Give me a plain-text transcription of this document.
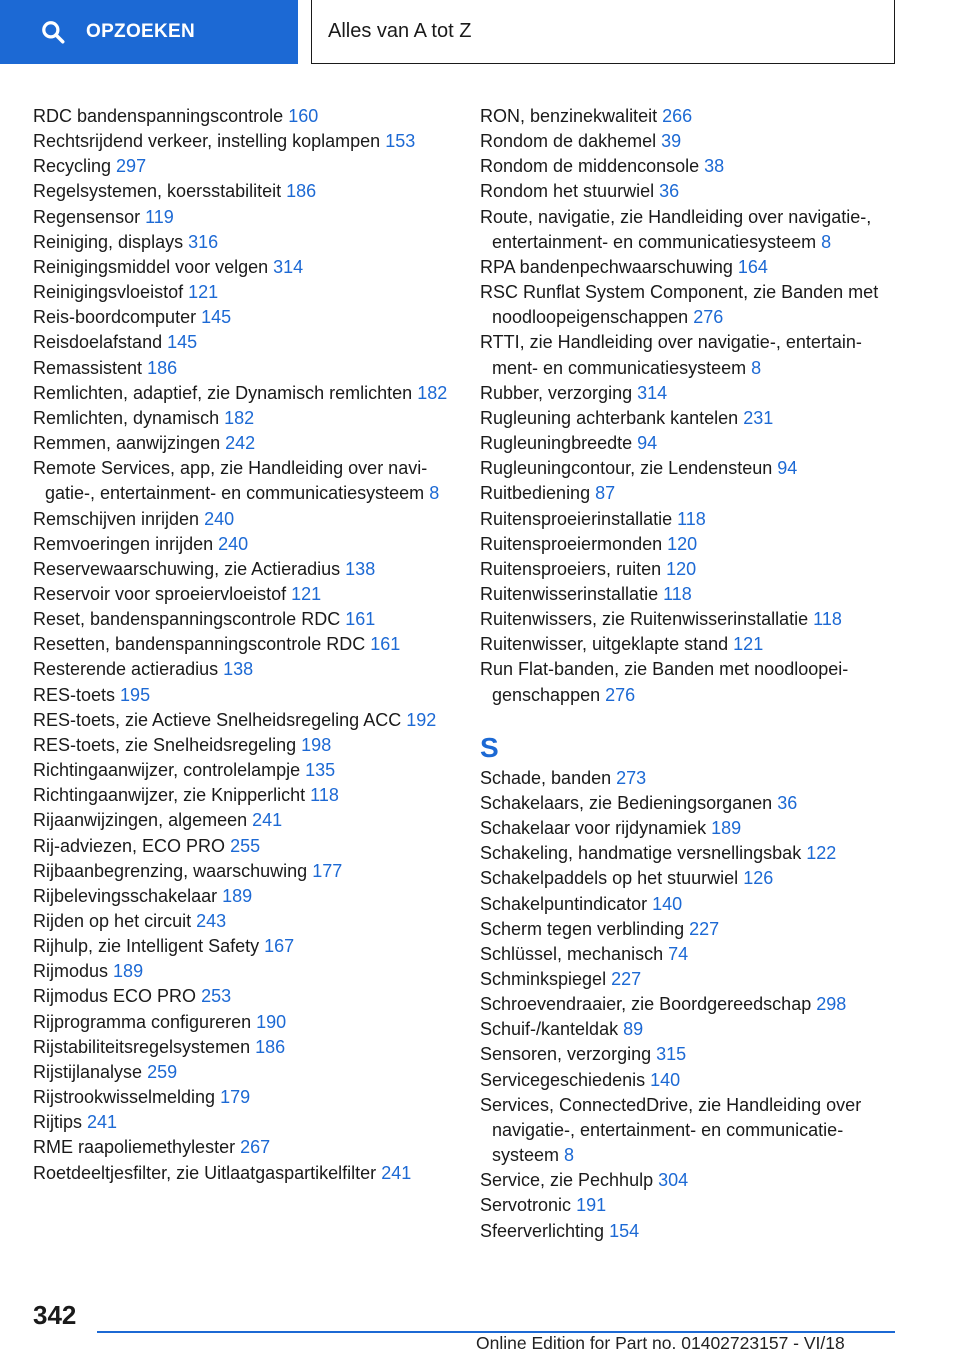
OPZOEKEN	Alles van A tot Z
RDC bandenspanningscontrole 160
Rechtsrijdend verkeer, instelling koplampen 153
Recycling 297
Regelsystemen, koersstabiliteit 186
Regensensor 119
Reiniging, displays 316
Reinigingsmiddel voor velgen 314
Reinigingsvloeistof 121
Reis-boordcomputer 145
Reisdoelafstand 145
Remassistent 186
Remlichten, adaptief, zie Dynamisch remlichten 182
Remlichten, dynamisch 182
Remmen, aanwijzingen 242
Remote Services, app, zie Handleiding over navigatie-, entertainment- en communicatiesysteem 8
Remschijven inrijden 240
Remvoeringen inrijden 240
Reservewaarschuwing, zie Actieradius 138
Reservoir voor sproeiervloeistof 121
Reset, bandenspanningscontrole RDC 161
Resetten, bandenspanningscontrole RDC 161
Resterende actieradius 138
RES-toets 195
RES-toets, zie Actieve Snelheidsregeling ACC 192
RES-toets, zie Snelheidsregeling 198
Richtingaanwijzer, controlelampje 135
Richtingaanwijzer, zie Knipperlicht 118
Rijaanwijzingen, algemeen 241
Rij-adviezen, ECO PRO 255
Rijbaanbegrenzing, waarschuwing 177
Rijbelevingsschakelaar 189
Rijden op het circuit 243
Rijhulp, zie Intelligent Safety 167
Rijmodus 189
Rijmodus ECO PRO 253
Rijprogramma configureren 190
Rijstabiliteitsregelsystemen 186
Rijstijlanalyse 259
Rijstrookwisselmelding 179
Rijtips 241
RME raapoliemethylester 267
Roetdeeltjesfilter, zie Uitlaatgaspartikelfilter 241
RON, benzinekwaliteit 266
Rondom de dakhemel 39
Rondom de middenconsole 38
Rondom het stuurwiel 36
Route, navigatie, zie Handleiding over navigatie-, entertainment- en communicatiesysteem 8
RPA bandenpechwaarschuwing 164
RSC Runflat System Component, zie Banden met noodloopeigenschappen 276
RTTI, zie Handleiding over navigatie-, entertainment- en communicatiesysteem 8
Rubber, verzorging 314
Rugleuning achterbank kantelen 231
Rugleuningbreedte 94
Rugleuningcontour, zie Lendensteun 94
Ruitbediening 87
Ruitensproeierinstallatie 118
Ruitensproeiermonden 120
Ruitensproeiers, ruiten 120
Ruitenwisserinstallatie 118
Ruitenwissers, zie Ruitenwisserinstallatie 118
Ruitenwisser, uitgeklapte stand 121
Run Flat-banden, zie Banden met noodloopeigenschappen 276
S
Schade, banden 273
Schakelaars, zie Bedieningsorganen 36
Schakelaar voor rijdynamiek 189
Schakeling, handmatige versnellingsbak 122
Schakelpaddels op het stuurwiel 126
Schakelpuntindicator 140
Scherm tegen verblinding 227
Schlüssel, mechanisch 74
Schminkspiegel 227
Schroevendraaier, zie Boordgereedschap 298
Schuif-/kanteldak 89
Sensoren, verzorging 315
Servicegeschiedenis 140
Services, ConnectedDrive, zie Handleiding over navigatie-, entertainment- en communicatiesysteem 8
Service, zie Pechhulp 304
Servotronic 191
Sfeerverlichting 154
342
Online Edition for Part no. 01402723157 - VI/18
